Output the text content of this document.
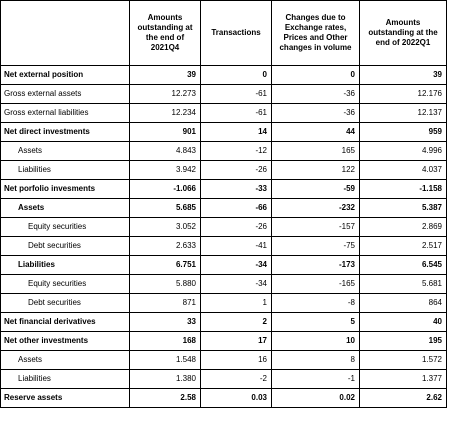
	Amounts outstanding at the end of 2021Q4	Transactions	Changes due to Exchange rates, Prices and Other changes in volume	Amounts outstanding at the end of 2022Q1
Net external position	39	0	0	39
Gross external assets	12.273	-61	-36	12.176
Gross external liabilities	12.234	-61	-36	12.137
Net direct investments	901	14	44	959
Assets	4.843	-12	165	4.996
Liabilities	3.942	-26	122	4.037
Net porfolio invesments	-1.066	-33	-59	-1.158
Assets	5.685	-66	-232	5.387
Equity securities	3.052	-26	-157	2.869
Debt securities	2.633	-41	-75	2.517
Liabilities	6.751	-34	-173	6.545
Equity securities	5.880	-34	-165	5.681
Debt securities	871	1	-8	864
Net financial derivatives	33	2	5	40
Net other investments	168	17	10	195
Assets	1.548	16	8	1.572
Liabilities	1.380	-2	-1	1.377
Reserve assets	2.58	0.03	0.02	2.62
